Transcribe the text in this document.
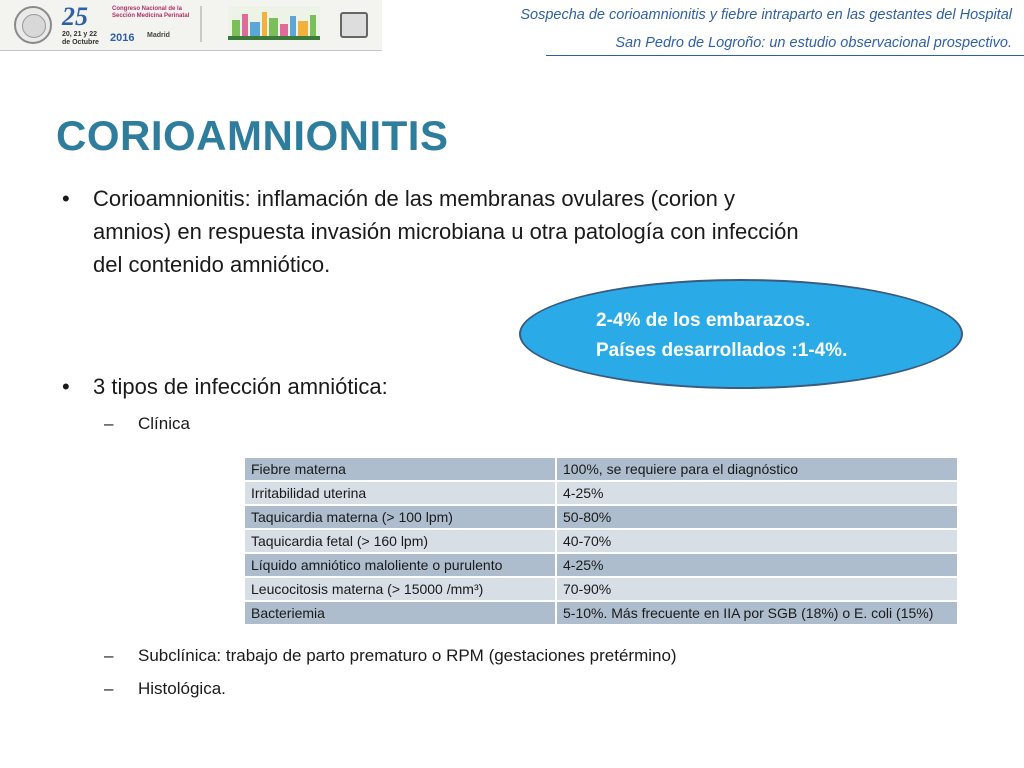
25	Congreso Nacional de la Sección Medicina Perinatal
20, 21 y 22 de Octubre 2016 Madrid
Sospecha de corioamnionitis y fiebre intraparto en las gestantes del Hospital
San Pedro de Logroño: un estudio observacional prospectivo.
CORIOAMNIONITIS
• Corioamnionitis: inflamación de las membranas ovulares (corion y
amnios) en respuesta invasión microbiana u otra patología con infección
del contenido amniótico.
2-4% de los embarazos.
Países desarrollados :1-4%.
• 3 tipos de infección amniótica:
– Clínica
Fiebre materna	100%, se requiere para el diagnóstico
Irritabilidad uterina	4-25%
Taquicardia materna (> 100 lpm)	50-80%
Taquicardia fetal (> 160 lpm)	40-70%
Líquido amniótico maloliente o purulento	4-25%
Leucocitosis materna (> 15000 /mm³)	70-90%
Bacteriemia	5-10%. Más frecuente en IIA por SGB (18%) o E. coli (15%)
– Subclínica: trabajo de parto prematuro o RPM (gestaciones pretérmino)
– Histológica.
